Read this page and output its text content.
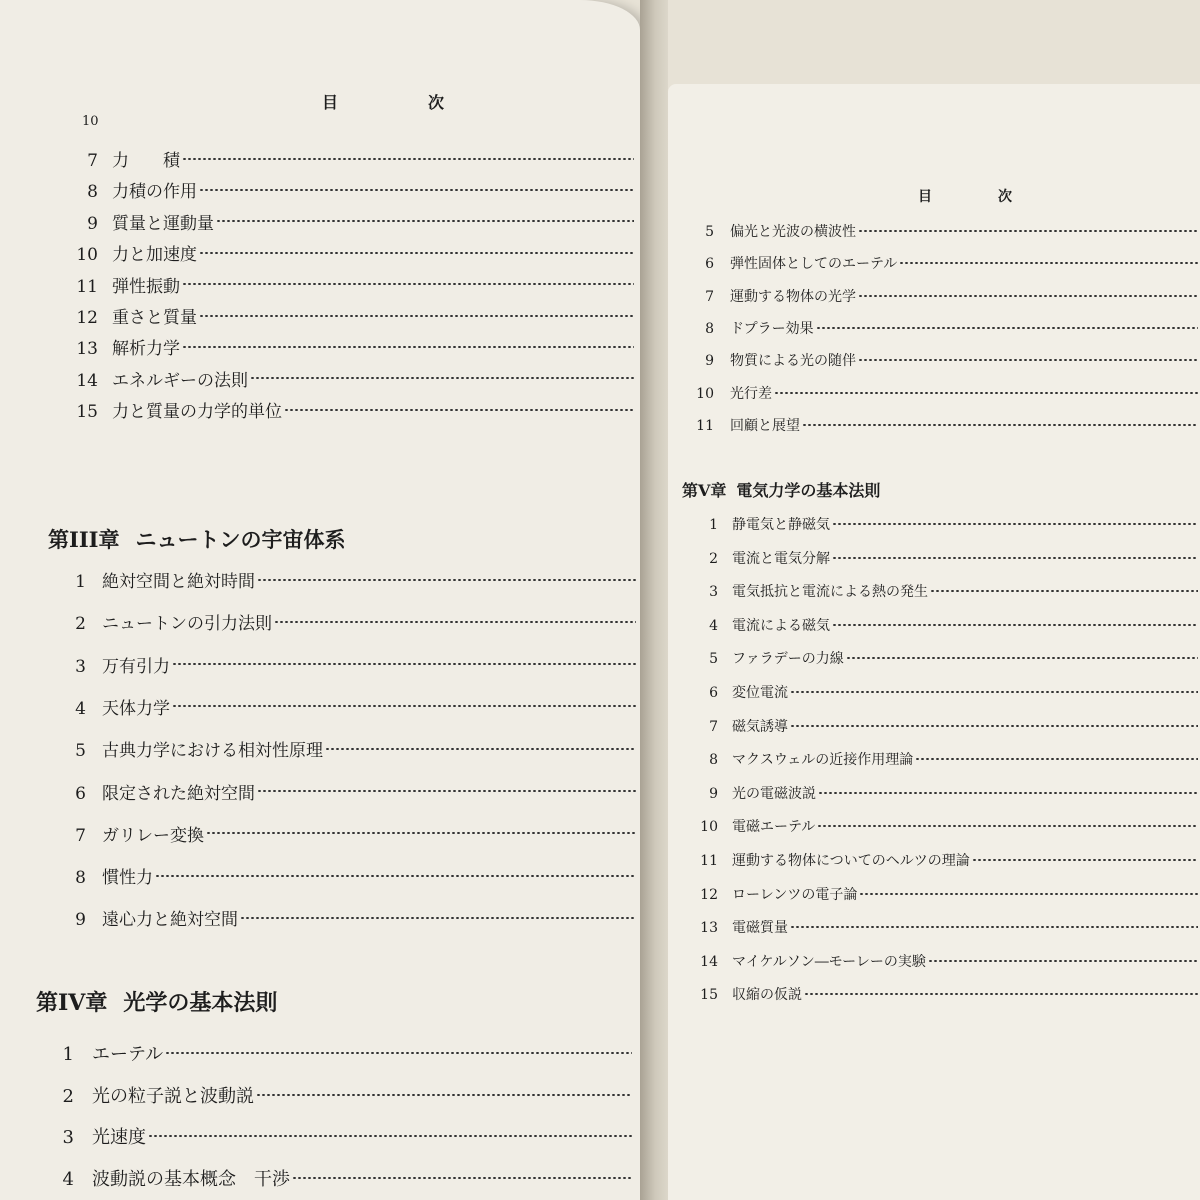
目	次
10
第III章 ニュートンの宇宙体系
第IV章 光学の基本法則
目	次
第V章 電気力学の基本法則
7 力　　積
8 力積の作用
9 質量と運動量
10 力と加速度
11 弾性振動
12 重さと質量
13 解析力学
14 エネルギーの法則
15 力と質量の力学的単位
1 絶対空間と絶対時間
2 ニュートンの引力法則
3 万有引力
4 天体力学
5 古典力学における相対性原理
6 限定された絶対空間
7 ガリレー変換
8 慣性力
9 遠心力と絶対空間
1 エーテル
2 光の粒子説と波動説
3 光速度
4 波動説の基本概念　干渉
5 偏光と光波の横波性
6 弾性固体としてのエーテル
7 運動する物体の光学
8 ドプラー効果
9 物質による光の随伴
10 光行差
11 回顧と展望
1 静電気と静磁気
2 電流と電気分解
3 電気抵抗と電流による熱の発生
4 電流による磁気
5 ファラデーの力線
6 変位電流
7 磁気誘導
8 マクスウェルの近接作用理論
9 光の電磁波説
10 電磁エーテル
11 運動する物体についてのヘルツの理論
12 ローレンツの電子論
13 電磁質量
14 マイケルソン―モーレーの実験
15 収縮の仮説
